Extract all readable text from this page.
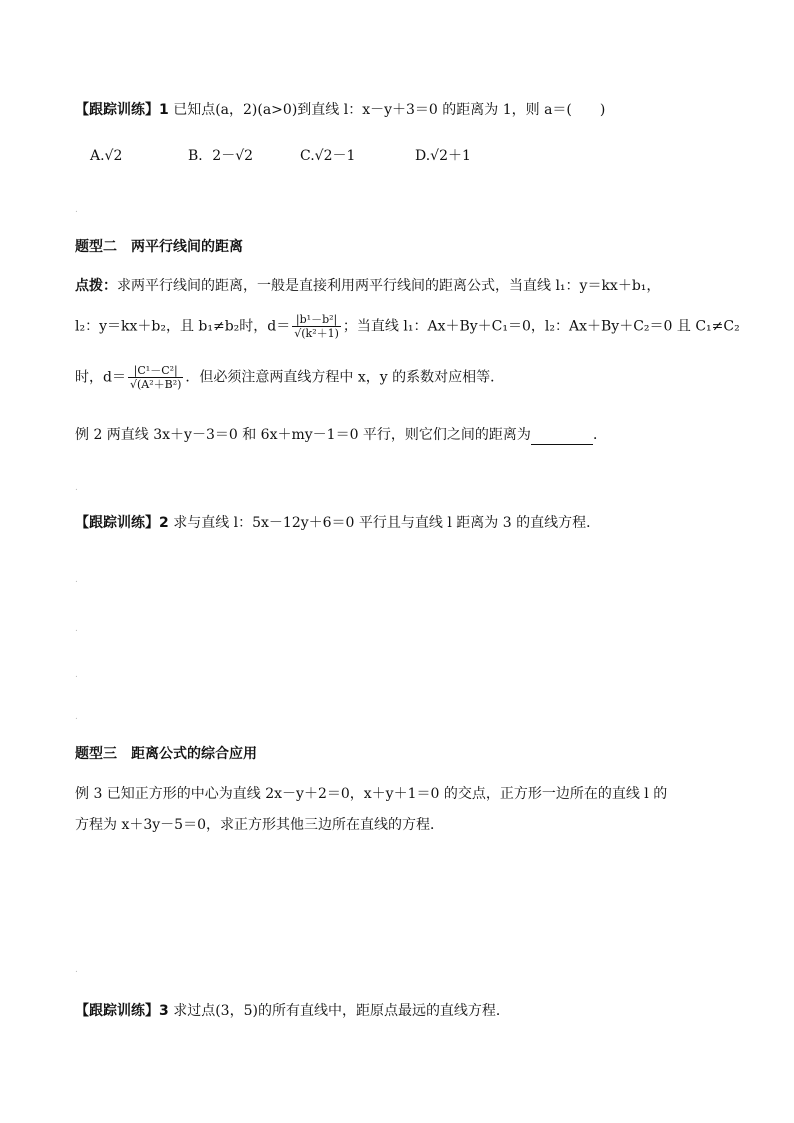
【跟踪训练】1 已知点(a，2)(a>0)到直线 l：x－y＋3＝0 的距离为 1，则 a＝(　　)
A.√2	B．2－√2	C.√2－1	D.√2＋1
.
题型二　两平行线间的距离
点拨：求两平行线间的距离，一般是直接利用两平行线间的距离公式，当直线 l₁：y＝kx＋b₁，
l₂：y＝kx＋b₂，且 b₁≠b₂时，$d= \frac{\text{|b¹－b²|}}{\text{√(k²＋1)}}$ ；当直线 l₁：Ax＋By＋C₁＝0，l₂：Ax＋By＋C₂＝0 且 C₁≠C₂
时，$d= \frac{\text{|C¹－C²|}}{\text{√(A²＋B²)}}$ ．但必须注意两直线方程中 x，y 的系数对应相等．
例 2 两直线 3x＋y－3＝0 和 6x＋my－1＝0 平行，则它们之间的距离为	．
.
【跟踪训练】2 求与直线 l：5x－12y＋6＝0 平行且与直线 l 距离为 3 的直线方程．
.
.
.
.
题型三　距离公式的综合应用
例 3 已知正方形的中心为直线 2x－y＋2＝0，x＋y＋1＝0 的交点，正方形一边所在的直线 l 的
方程为 x＋3y－5＝0，求正方形其他三边所在直线的方程．
.
【跟踪训练】3 求过点(3，5)的所有直线中，距原点最远的直线方程．
